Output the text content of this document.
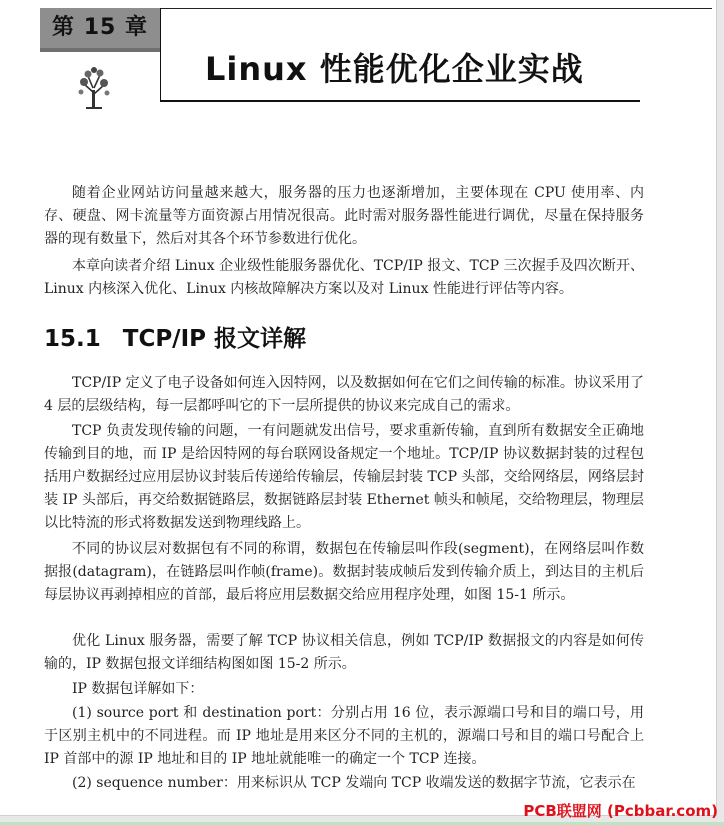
第 15 章
Linux 性能优化企业实战

随着企业网站访问量越来越大，服务器的压力也逐渐增加，主要体现在 CPU 使用率、内存、硬盘、网卡流量等方面资源占用情况很高。此时需对服务器性能进行调优，尽量在保持服务器的现有数量下，然后对其各个环节参数进行优化。

本章向读者介绍 Linux 企业级性能服务器优化、TCP/IP 报文、TCP 三次握手及四次断开、Linux 内核深入优化、Linux 内核故障解决方案以及对 Linux 性能进行评估等内容。

15.1 TCP/IP 报文详解

TCP/IP 定义了电子设备如何连入因特网，以及数据如何在它们之间传输的标准。协议采用了 4 层的层级结构，每一层都呼叫它的下一层所提供的协议来完成自己的需求。

TCP 负责发现传输的问题，一有问题就发出信号，要求重新传输，直到所有数据安全正确地传输到目的地，而 IP 是给因特网的每台联网设备规定一个地址。TCP/IP 协议数据封装的过程包括用户数据经过应用层协议封装后传递给传输层，传输层封装 TCP 头部，交给网络层，网络层封装 IP 头部后，再交给数据链路层，数据链路层封装 Ethernet 帧头和帧尾，交给物理层，物理层以比特流的形式将数据发送到物理线路上。

不同的协议层对数据包有不同的称谓，数据包在传输层叫作段(segment)，在网络层叫作数据报(datagram)，在链路层叫作帧(frame)。数据封装成帧后发到传输介质上，到达目的主机后每层协议再剥掉相应的首部，最后将应用层数据交给应用程序处理，如图 15-1 所示。

优化 Linux 服务器，需要了解 TCP 协议相关信息，例如 TCP/IP 数据报文的内容是如何传输的，IP 数据包报文详细结构图如图 15-2 所示。

IP 数据包详解如下：

(1) source port 和 destination port：分别占用 16 位，表示源端口号和目的端口号，用于区别主机中的不同进程。而 IP 地址是用来区分不同的主机的，源端口号和目的端口号配合上 IP 首部中的源 IP 地址和目的 IP 地址就能唯一的确定一个 TCP 连接。

(2) sequence number：用来标识从 TCP 发端向 TCP 收端发送的数据字节流，它表示在

PCB联盟网 (Pcbbar.com)
